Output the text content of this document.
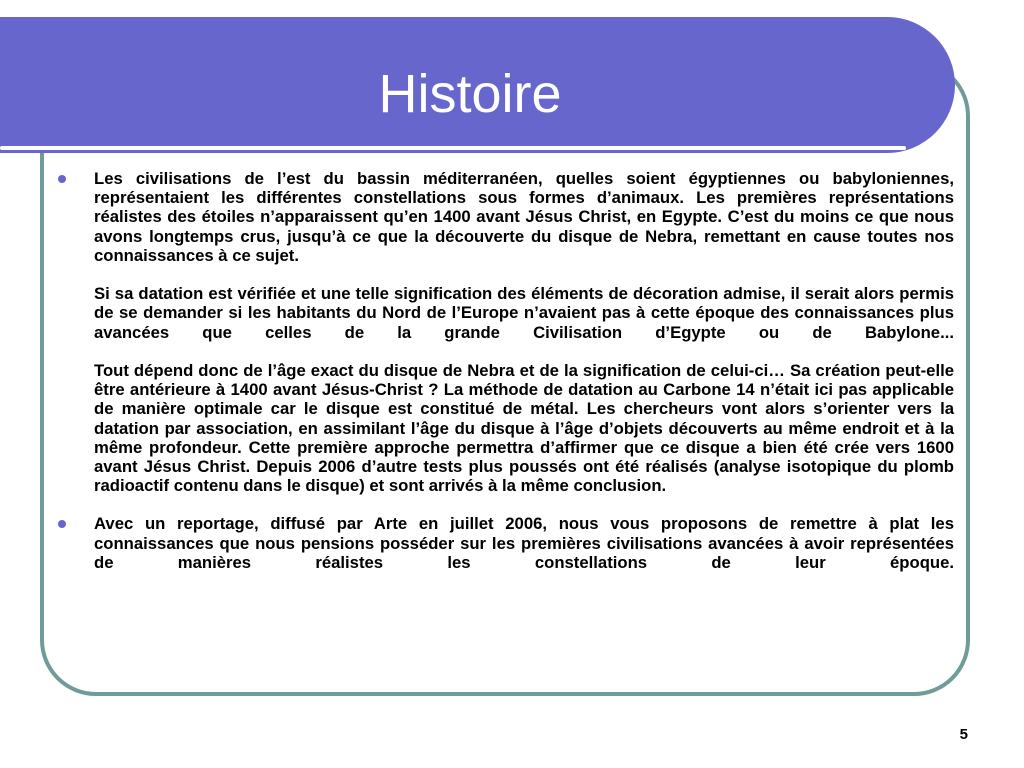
Histoire
Les civilisations de l’est du bassin méditerranéen, quelles soient égyptiennes ou babyloniennes, représentaient les différentes constellations sous formes d’animaux. Les premières représentations réalistes des étoiles n’apparaissent qu’en 1400 avant Jésus Christ, en Egypte. C’est du moins ce que nous avons longtemps crus, jusqu’à ce que la découverte du disque de Nebra, remettant en cause toutes nos connaissances à ce sujet.
Si sa datation est vérifiée et une telle signification des éléments de décoration admise, il serait alors permis de se demander si les habitants du Nord de l’Europe n’avaient pas à cette époque des connaissances plus avancées que celles de la grande Civilisation d’Egypte ou de Babylone...
Tout dépend donc de l’âge exact du disque de Nebra et de la signification de celui-ci… Sa création peut-elle être antérieure à 1400 avant Jésus-Christ ? La méthode de datation au Carbone 14 n’était ici pas applicable de manière optimale car le disque est constitué de métal. Les chercheurs vont alors s’orienter vers la datation par association, en assimilant l’âge du disque à l’âge d’objets découverts au même endroit et à la même profondeur. Cette première approche permettra d’affirmer que ce disque a bien été crée vers 1600 avant Jésus Christ. Depuis 2006 d’autre tests plus poussés ont été réalisés (analyse isotopique du plomb radioactif contenu dans le disque) et sont arrivés à la même conclusion.
Avec un reportage, diffusé par Arte en juillet 2006, nous vous proposons de remettre à plat les connaissances que nous pensions posséder sur les premières civilisations avancées à avoir représentées de manières réalistes les constellations de leur époque.
5
